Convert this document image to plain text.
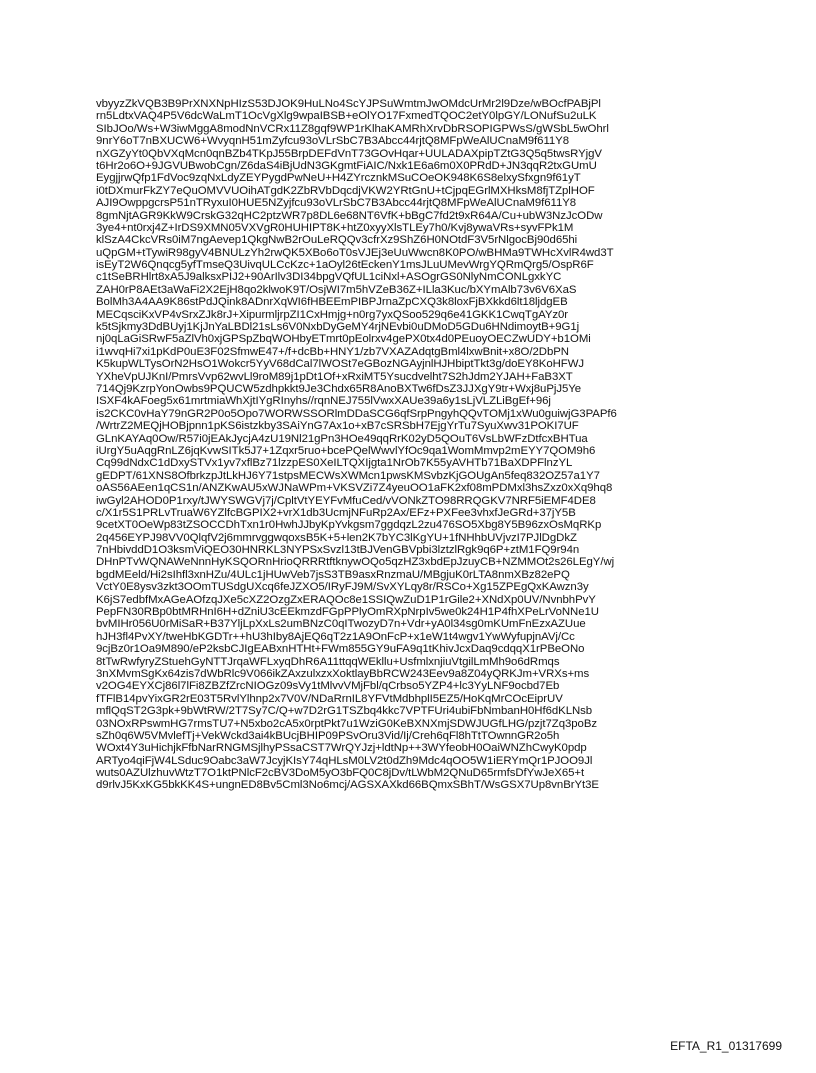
vbyyzZkVQB3B9PrXNXNpHIzS53DJOK9HuLNo4ScYJPSuWmtmJwOMdcUrMr2l9Dze/wBOcfPABjPl
rn5LdtxVAQ4P5V6dcWaLmT1OcVgXlg9wpaIBSB+eOlYO17FxmedTQOC2etY0lpGY/LONufSu2uLK
SIbJOo/Ws+W3iwMggA8modNnVCRx11Z8gqf9WP1rKlhaKAMRhXrvDbRSOPIGPWsS/gWSbL5wOhrl
9nrY6oT7nBXUCW6+WvyqnH51mZyfcu93oVLrSbC7B3Abcc44rjtQ8MFpWeAlUCnaM9f611Y8
nXGZyYt0QbVXqMcn0qnBZb4TKpJ55BrpDEFdVnT73GOvHqar+UULADAXpipTZtG3Q5q5twsRYjgV
t6Hr2o6O+9JGVUBwobCgn/Z6daS4iBjUdN3GKgmtFiAIC/Nxk1E6a6m0X0PRdD+JN3qqR2txGUmU
EygjjrwQfp1FdVoc9zqNxLdyZEYPygdPwNeU+H4ZYrcznkMSuCOeOK948K6S8elxySfxgn9f61yT
i0tDXmurFkZY7eQuOMVVUOihATgdK2ZbRVbDqcdjVKW2YRtGnU+tCjpqEGrlMXHksM8fjTZplHOF
AJI9OwppgcrsP51nTRyxuI0HUE5NZyjfcu93oVLrSbC7B3Abcc44rjtQ8MFpWeAlUCnaM9f611Y8
8gmNjtAGR9KkW9CrskG32qHC2ptzWR7p8DL6e68NT6VfK+bBgC7fd2t9xR64A/Cu+ubW3NzJcODw
3ye4+nt0rxj4Z+IrDS9XMN05VXVgR0HUHIPT8K+htZ0xyyXlsTLEy7h0/Kvj8ywaVRs+syvFPk1M
klSzA4CkcVRs0iM7ngAevep1QkgNwB2rOuLeRQQv3cfrXz9ShZ6H0NOtdF3V5rNlgocBj90d65hi
uQpGM+tTywiR98gyV4BNULzYh2rwQK5XBo6oT0sVJEj3eUuWwcn8K0PO/wBHMa9TWHcXvlR4wd3T
isEyT2W6Qnqcg5yfTmseQ3UivqULCcKzc+1aOyl26tEckenY1msJLuUMevWrgYQRmQrg5/OspR6F
c1tSeBRHlrt8xA5J9alksxPIJ2+90ArIlv3DI34bpgVQfUL1ciNxl+ASOgrGS0NlyNmCONLgxkYC
ZAH0rP8AEt3aWaFi2X2EjH8qo2klwoK9T/OsjWI7m5hVZeB36Z+ILla3Kuc/bXYmAlb73v6V6XaS
BolMh3A4AA9K86stPdJQink8ADnrXqWI6fHBEEmPIBPJrnaZpCXQ3k8loxFjBXkkd6lt18ljdgEB
MECqsciKxVP4vSrxZJk8rJ+XipurmljrpZI1CxHmjg+n0rg7yxQSoo529q6e41GKK1CwqTgAYz0r
k5tSjkmy3DdBUyj1KjJnYaLBDl21sLs6V0NxbDyGeMY4rjNEvbi0uDMoD5GDu6HNdimoytB+9G1j
nj0qLaGiSRwF5aZlVh0xjGPSpZbqWOHbyETmrt0pEolrxv4gePX0tx4d0PEuoyOECZwUDY+b1OMi
i1wvqHi7xi1pKdP0uE3F02SfmwE47+/f+dcBb+HNY1/zb7VXAZAdqtgBml4lxwBnit+x8O/2DbPN
K5kupWLTysOrN2HsO1Wokcr5YyV68dCal7lWOSt7eGBozNGAyjnlHJHbiptTkt3g/doEY8KoHFWJ
YXheVpUJKnI/PmrsVvp62wvLl9roM89j1pDt1Of+xRxiMT5Ysucdvelht7S2hJdm2YJAH+FaB3XT
714Qj9KzrpYonOwbs9PQUCW5zdhpkkt9Je3Chdx65R8AnoBXTw6fDsZ3JJXgY9tr+Wxj8uPjJ5Ye
ISXF4kAFoeg5x61mrtmiaWhXjtIYgRInyhs//rqnNEJ755lVwxXAUe39a6y1sLjVLZLiBgEf+96j
is2CKC0vHaY79nGR2P0o5Opo7WORWSSORlmDDaSCG6qfSrpPngyhQQvTOMj1xWu0guiwjG3PAPf6
/WrtrZ2MEQjHOBjpnn1pKS6istzkby3SAiYnG7Ax1o+xB7cSRSbH7EjgYrTu7SyuXwv31POKI7UF
GLnKAYAq0Ow/R57i0jEAkJycjA4zU19Nl21gPn3HOe49qqRrK02yD5QOuT6VsLbWFzDtfcxBHTua
iUrgY5uAqgRnLZ6jqKvwSITk5J7+1Zqxr5ruo+bcePQelWwvlYfOc9qa1WomMmvp2mEYY7QOM9h6
Cq99dNdxC1dDxySTVx1yv7xflBz71lzzpES0XeILTQXIjgta1NrOb7K55yAVHTb71BaXDPFlnzYL
gEDPT/61XNS8OfbrkzpJtLkHJ6Y71stpsMECWsXWMcn1pwsKMSvbzKjGOUgAn5feq832OZ57a1Y7
oAS56AEen1qCS1n/ANZKwAU5xWJNaWPm+VKSVZi7Z4yeuOO1aFK2xf08mPDMxl3hsZxz0xXq9hq8
iwGyl2AHOD0P1rxy/tJWYSWGVj7j/CpltVtYEYFvMfuCed/vVONkZTO98RRQGKV7NRF5iEMF4DE8
c/X1r5S1PRLvTruaW6YZlfcBGPIX2+vrX1db3UcmjNFuRp2Ax/EFz+PXFee3vhxfJeGRd+37jY5B
9cetXT0OeWp83tZSOCCDhTxn1r0HwhJJbyKpYvkgsm7ggdqzL2zu476SO5Xbg8Y5B96zxOsMqRKp
2q456EYPJ98VV0QlqfV2j6mmrvggwqoxsB5K+5+len2K7bYC3lKgYU+1fNHhbUVjvzI7PJlDgDkZ
7nHbivddD1O3ksmViQEO30HNRKL3NYPSxSvzl13tBJVenGBVpbi3lztzlRgk9q6P+ztM1FQ9r94n
DHnPTvWQNAWeNnnHyKSQORnHrioQRRRtftknywOQo5qzHZ3xbdEpJzuyCB+NZMMOt2s26LEgY/wj
bgdMEeld/Hi2sIhfl3xnHZu/4ULc1jHUwVeb7jsS3TB9asxRnzmaU/MBgjuK0rLTA8nmXBz82ePQ
VctY0E8ysv3zkt3OOmTUSdgUXcq6feJZXO5/IRyFJ9M/SvXYLqy8r/RSCo+Xg15ZPEgQxKAwzn3y
K6jS7edbfMxAGeAOfzqJXe5cXZ2OzgZxERAQOc8e1SSIQwZuD1P1rGile2+XNdXp0UV/NvnbhPvY
PepFN30RBp0btMRHnI6H+dZniU3cEEkmzdFGpPPlyOmRXpNrpIv5we0k24H1P4fhXPeLrVoNNe1U
bvMIHr056U0rMiSaR+B37YljLpXxLs2umBNzC0qITwozyD7n+Vdr+yA0l34sg0mKUmFnEzxAZUue
hJH3fl4PvXY/tweHbKGDTr++hU3hIby8AjEQ6qT2z1A9OnFcP+x1eW1t4wgv1YwWyfupjnAVj/Cc
9cjBz0r1Oa9M890/eP2ksbCJIgEABxnHTHt+FWm855GY9uFA9q1tKhivJcxDaq9cdqqX1rPBeONo
8tTwRwfyryZStuehGyNTTJrqaWFLxyqDhR6A11ttqqWEkllu+UsfmlxnjiuVtgilLmMh9o6dRmqs
3nXMvmSgKx64zis7dWbRlc9V066ikZAxzulxzxXoktlayBbRCW243Eev9a8Z04yQRKJm+VRXs+ms
v2OG4EYXCj86l7lFi8ZBZfZrcNIOGz09sVy1tMlvvVMjFbl/qCrbso5YZP4+lc3YyLNF9ocbd7Eb
fTFlB14pvYixGR2rE03T5RvlYlhnp2x7V0V/NDaRrnIL8YFVtMdbhplI5EZ5/HoKqMrCOcEiprUV
mflQqST2G3pk+9bWtRW/2T7Sy7C/Q+w7D2rG1TSZbq4kkc7VPTFUri4ubiFbNmbanH0Hf6dKLNsb
03NOxRPswmHG7rmsTU7+N5xbo2cA5x0rptPkt7u1WziG0KeBXNXmjSDWJUGfLHG/pzjt7Zq3poBz
sZh0q6W5VMvlefTj+VekWckd3ai4kBUcjBHIP09PSvOru3Vid/Ij/Creh6qFl8hTtTOwnnGR2o5h
WOxt4Y3uHichjkFfbNarRNGMSjlhyPSsaCST7WrQYJzj+ldtNp++3WYfeobH0OaiWNZhCwyK0pdp
ARTyo4qiFjW4LSduc9Oabc3aW7JcyjKIsY74qHLsM0LV2t0dZh9Mdc4qOO5W1iERYmQr1PJOO9Jl
wuts0AZUlzhuvWtzT7O1ktPNlcF2cBV3DoM5yO3bFQ0C8jDv/tLWbM2QNuD65rmfsDfYwJeX65+t
d9rlvJ5KxKG5bkKK4S+ungnED8Bv5Cml3No6mcj/AGSXAXkd66BQmxSBhT/WsGSX7Up8vnBrYt3E
EFTA_R1_01317699
